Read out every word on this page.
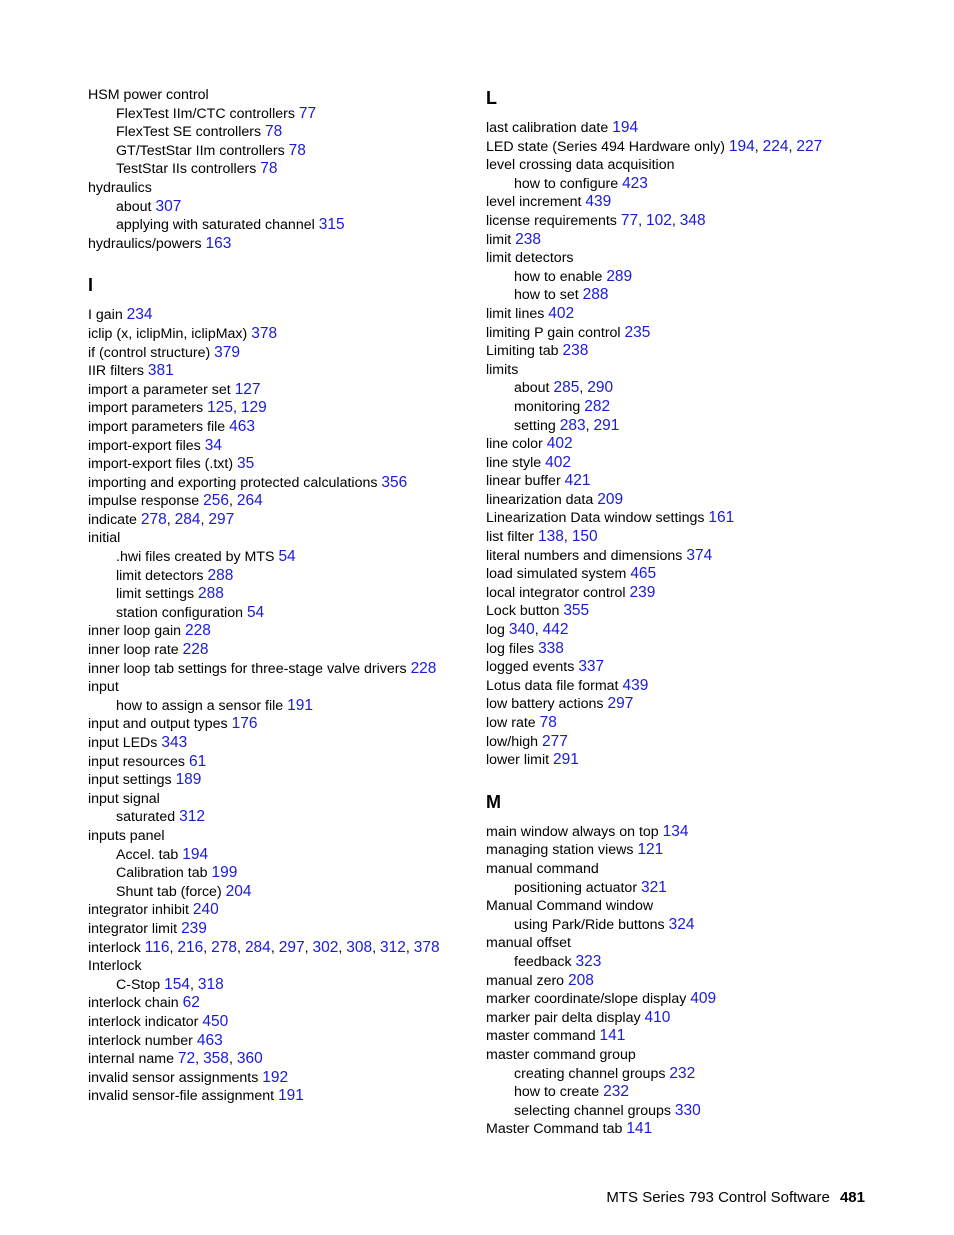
HSM power control
FlexTest IIm/CTC controllers 77
FlexTest SE controllers 78
GT/TestStar IIm controllers 78
TestStar IIs controllers 78
hydraulics
about 307
applying with saturated channel 315
hydraulics/powers 163
I
I gain 234
iclip (x, iclipMin, iclipMax) 378
if (control structure) 379
IIR filters 381
import a parameter set 127
import parameters 125, 129
import parameters file 463
import-export files 34
import-export files (.txt) 35
importing and exporting protected calculations 356
impulse response 256, 264
indicate 278, 284, 297
initial
.hwi files created by MTS 54
limit detectors 288
limit settings 288
station configuration 54
inner loop gain 228
inner loop rate 228
inner loop tab settings for three-stage valve drivers 228
input
how to assign a sensor file 191
input and output types 176
input LEDs 343
input resources 61
input settings 189
input signal
saturated 312
inputs panel
Accel. tab 194
Calibration tab 199
Shunt tab (force) 204
integrator inhibit 240
integrator limit 239
interlock 116, 216, 278, 284, 297, 302, 308, 312, 378
Interlock
C-Stop 154, 318
interlock chain 62
interlock indicator 450
interlock number 463
internal name 72, 358, 360
invalid sensor assignments 192
invalid sensor-file assignment 191
L
last calibration date 194
LED state (Series 494 Hardware only) 194, 224, 227
level crossing data acquisition
how to configure 423
level increment 439
license requirements 77, 102, 348
limit 238
limit detectors
how to enable 289
how to set 288
limit lines 402
limiting P gain control 235
Limiting tab 238
limits
about 285, 290
monitoring 282
setting 283, 291
line color 402
line style 402
linear buffer 421
linearization data 209
Linearization Data window settings 161
list filter 138, 150
literal numbers and dimensions 374
load simulated system 465
local integrator control 239
Lock button 355
log 340, 442
log files 338
logged events 337
Lotus data file format 439
low battery actions 297
low rate 78
low/high 277
lower limit 291
M
main window always on top 134
managing station views 121
manual command
positioning actuator 321
Manual Command window
using Park/Ride buttons 324
manual offset
feedback 323
manual zero 208
marker coordinate/slope display 409
marker pair delta display 410
master command 141
master command group
creating channel groups 232
how to create 232
selecting channel groups 330
Master Command tab 141
MTS Series 793 Control Software 481
